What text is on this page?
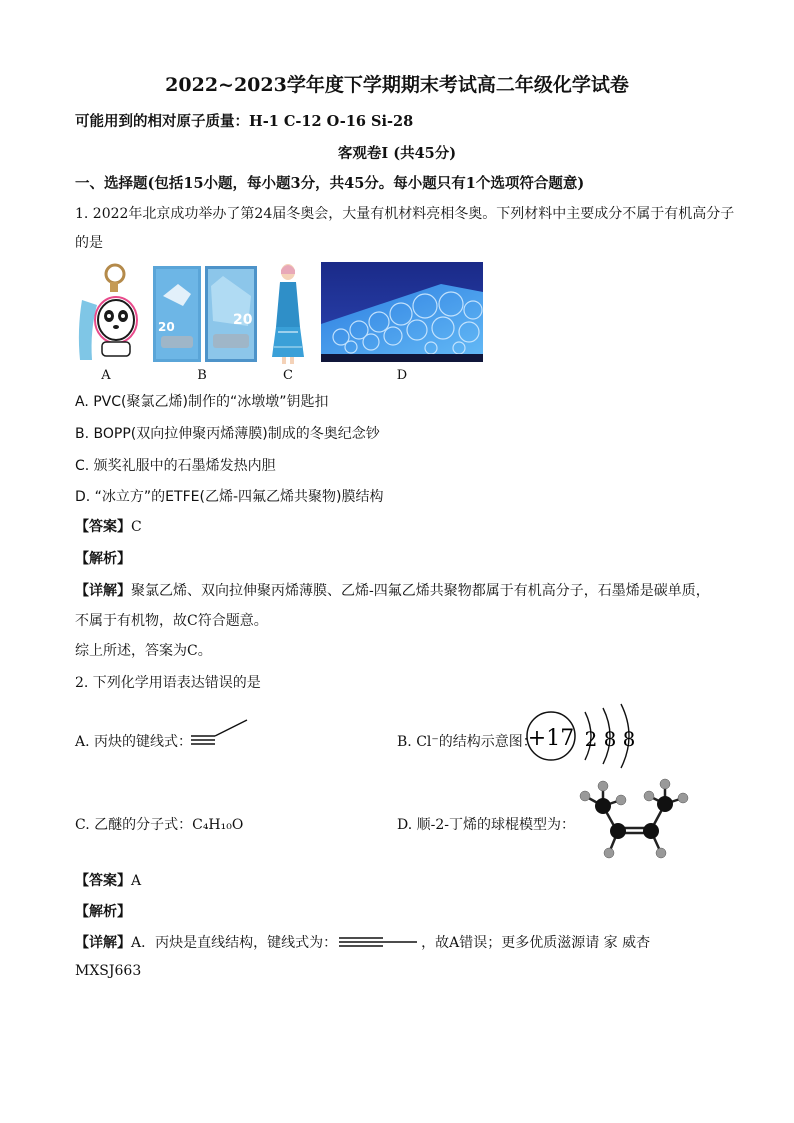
2022~2023学年度下学期期末考试高二年级化学试卷
可能用到的相对原子质量：H-1 C-12 O-16 Si-28
客观卷Ⅰ (共45分)
一、选择题(包括15小题，每小题3分，共45分。每小题只有1个选项符合题意)
1. 2022年北京成功举办了第24届冬奥会，大量有机材料亮相冬奥。下列材料中主要成分不属于有机高分子
的是
A
20	20
B	C	D
A. PVC(聚氯乙烯)制作的“冰墩墩”钥匙扣
B. BOPP(双向拉伸聚丙烯薄膜)制成的冬奥纪念钞
C. 颁奖礼服中的石墨烯发热内胆
D. “冰立方”的ETFE(乙烯-四氟乙烯共聚物)膜结构
【答案】C
【解析】
【详解】聚氯乙烯、双向拉伸聚丙烯薄膜、乙烯-四氟乙烯共聚物都属于有机高分子，石墨烯是碳单质，
不属于有机物，故C符合题意。
综上所述，答案为C。
2. 下列化学用语表达错误的是
A. 丙炔的键线式：	B. Cl⁻的结构示意图：
+17 2 8 8
C. 乙醚的分子式：C₄H₁₀O	D. 顺-2-丁烯的球棍模型为：
【答案】A
【解析】
【详解】 A．丙炔是直线结构，键线式为：	，故A错误；更多优质滋源请 家 威杏
MXSJ663
